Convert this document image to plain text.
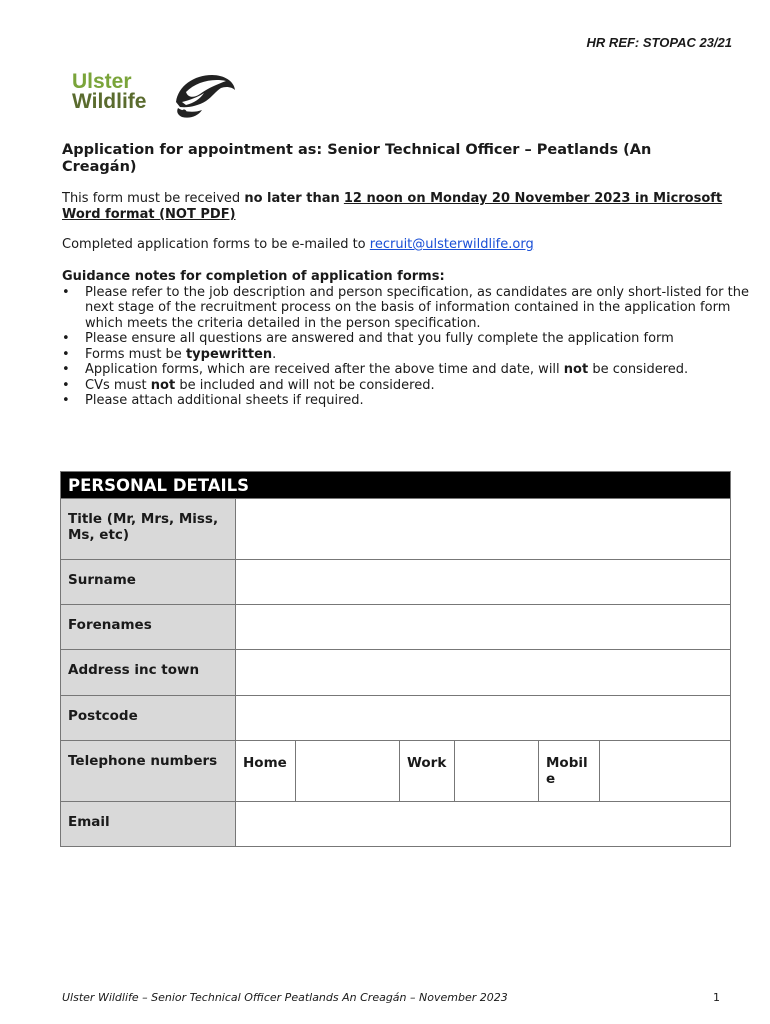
HR REF: STOPAC 23/21
Ulster
Wildlife
Application for appointment as: Senior Technical Officer – Peatlands (An Creagán)
This form must be received no later than 12 noon on Monday 20 November 2023 in Microsoft Word format (NOT PDF)
Completed application forms to be e-mailed to recruit@ulsterwildlife.org
Guidance notes for completion of application forms:
• Please refer to the job description and person specification, as candidates are only short-listed for the
next stage of the recruitment process on the basis of information contained in the application form
which meets the criteria detailed in the person specification.
• Please ensure all questions are answered and that you fully complete the application form
• Forms must be typewritten.
• Application forms, which are received after the above time and date, will not be considered.
• CVs must not be included and will not be considered.
• Please attach additional sheets if required.
PERSONAL DETAILS						
Title (Mr, Mrs, Miss, Ms, etc)						
Surname						
Forenames						
Address inc town						
Postcode						
Telephone numbers	Home		Work		Mobile	
Email						
Ulster Wildlife – Senior Technical Officer Peatlands An Creagán – November 2023	1
